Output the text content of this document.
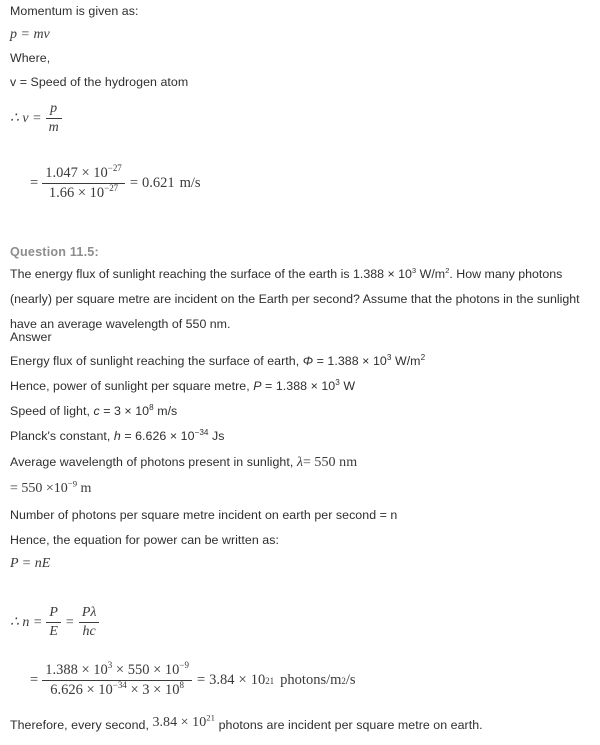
Momentum is given as:
p = mv
Where,
v = Speed of the hydrogen atom
∴ $v = \frac{p}{m}$
= $\frac{1.047 \times 10^{-27}}{1.66 \times 10^{-27}} = 0.621$ m/s
Question 11.5:
The energy flux of sunlight reaching the surface of the earth is $1.388 \times 10^3$ $W/m^2$. How many photons (nearly) per square metre are incident on the Earth per second? Assume that the photons in the sunlight have an average wavelength of 550 nm.
Answer
Energy flux of sunlight reaching the surface of earth, $\Phi = 1.388 \times 10^3$ $W/m^2$
Hence, power of sunlight per square metre, $P = 1.388 \times 10^3$ W
Speed of light, $c = 3 \times 10^8$ m/s
Planck's constant, $h = 6.626 \times 10^{-34}$ Js
Average wavelength of photons present in sunlight, λ= 550 nm
= $550 \times 10^{-9}$ m
Number of photons per square metre incident on earth per second = n
Hence, the equation for power can be written as:
P = nE
∴ $n = \frac{P}{E} = \frac{P\lambda}{hc}$
=
$1.388 \times 10^3 \times 550 \times 10^{-9}$
$6.626 \times 10^{-34} \times 3 \times 10^8 = 3.84 \times 10$ 21 photons/m 2 /s
Therefore, every second, $3.84 \times 10^{21}$ photons are incident per square metre on earth.
